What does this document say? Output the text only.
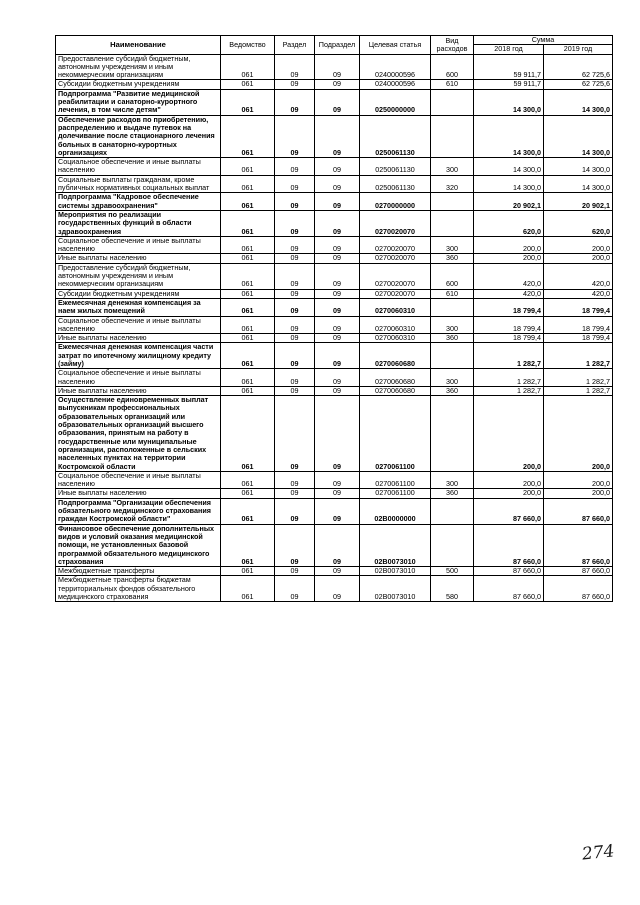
Наименование	Ведомство	Раздел	Подраздел	Целевая статья	Вид расходов	Сумма	
						2018 год	2019 год
Предоставление субсидий бюджетным, автономным учреждениям и иным некоммерческим организациям	061	09	09	0240000596	600	59 911,7	62 725,6
Субсидии бюджетным учреждениям	061	09	09	0240000596	610	59 911,7	62 725,6
Подпрограмма "Развитие медицинской реабилитации и санаторно-курортного лечения, в том числе детям"	061	09	09	0250000000		14 300,0	14 300,0
Обеспечение расходов по приобретению, распределению и выдаче путевок на долечивание после стационарного лечения больных в санаторно-курортных организациях	061	09	09	0250061130		14 300,0	14 300,0
Социальное обеспечение и иные выплаты населению	061	09	09	0250061130	300	14 300,0	14 300,0
Социальные выплаты гражданам, кроме публичных нормативных социальных выплат	061	09	09	0250061130	320	14 300,0	14 300,0
Подпрограмма "Кадровое обеспечение системы здравоохранения"	061	09	09	0270000000		20 902,1	20 902,1
Мероприятия по реализации государственных функций в области здравоохранения	061	09	09	0270020070		620,0	620,0
Социальное обеспечение и иные выплаты населению	061	09	09	0270020070	300	200,0	200,0
Иные выплаты населению	061	09	09	0270020070	360	200,0	200,0
Предоставление субсидий бюджетным, автономным учреждениям и иным некоммерческим организациям	061	09	09	0270020070	600	420,0	420,0
Субсидии бюджетным учреждениям	061	09	09	0270020070	610	420,0	420,0
Ежемесячная денежная компенсация за наем жилых помещений	061	09	09	0270060310		18 799,4	18 799,4
Социальное обеспечение и иные выплаты населению	061	09	09	0270060310	300	18 799,4	18 799,4
Иные выплаты населению	061	09	09	0270060310	360	18 799,4	18 799,4
Ежемесячная денежная компенсация части затрат по ипотечному жилищному кредиту (займу)	061	09	09	0270060680		1 282,7	1 282,7
Социальное обеспечение и иные выплаты населению	061	09	09	0270060680	300	1 282,7	1 282,7
Иные выплаты населению	061	09	09	0270060680	360	1 282,7	1 282,7
Осуществление единовременных выплат выпускникам профессиональных образовательных организаций или образовательных организаций высшего образования, принятым на работу в государственные или муниципальные организации, расположенные в сельских населенных пунктах на территории Костромской области	061	09	09	0270061100		200,0	200,0
Социальное обеспечение и иные выплаты населению	061	09	09	0270061100	300	200,0	200,0
Иные выплаты населению	061	09	09	0270061100	360	200,0	200,0
Подпрограмма "Организации обеспечения обязательного медицинского страхования граждан Костромской области"	061	09	09	02В0000000		87 660,0	87 660,0
Финансовое обеспечение дополнительных видов и условий оказания медицинской помощи, не установленных базовой программой обязательного медицинского страхования	061	09	09	02В0073010		87 660,0	87 660,0
Межбюджетные трансферты	061	09	09	02В0073010	500	87 660,0	87 660,0
Межбюджетные трансферты бюджетам территориальных фондов обязательного медицинского страхования	061	09	09	02В0073010	580	87 660,0	87 660,0
274
